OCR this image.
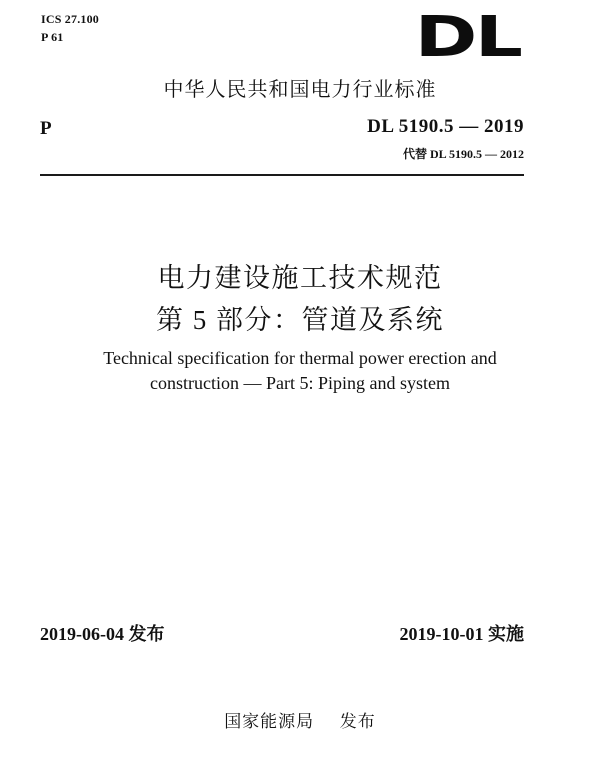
ICS 27.100
P 61	DL
中华人民共和国电力行业标准
P	DL 5190.5 — 2019
代替 DL 5190.5 — 2012
电力建设施工技术规范
第 5 部分：管道及系统
Technical specification for thermal power erection and
construction — Part 5: Piping and system
2019-06-04 发布	2019-10-01 实施
国家能源局    发布
